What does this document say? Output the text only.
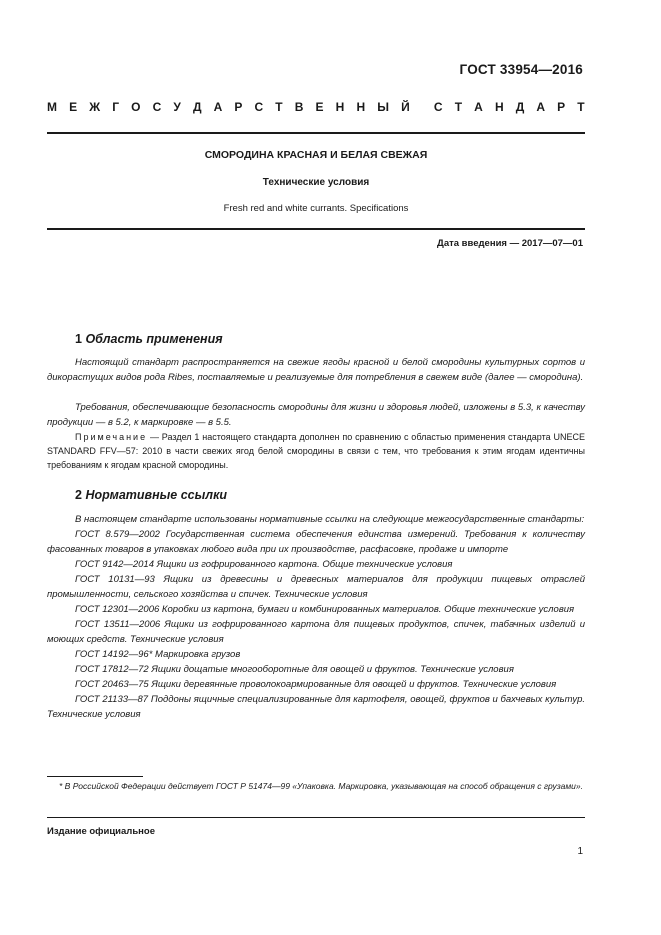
ГОСТ 33954—2016
М Е Ж Г О С У Д А Р С Т В Е Н Н Ы Й С Т А Н Д А Р Т
СМОРОДИНА КРАСНАЯ И БЕЛАЯ СВЕЖАЯ
Технические условия
Fresh red and white currants. Specifications
Дата введения — 2017—07—01
1 Область применения
Настоящий стандарт распространяется на свежие ягоды красной и белой смородины культурных сортов и дикорастущих видов рода Ribes, поставляемые и реализуемые для потребления в свежем виде (далее — смородина).
Требования, обеспечивающие безопасность смородины для жизни и здоровья людей, изложены в 5.3, к качеству продукции — в 5.2, к маркировке — в 5.5.
Примечание — Раздел 1 настоящего стандарта дополнен по сравнению с областью применения стандарта UNECE STANDARD FFV—57: 2010 в части свежих ягод белой смородины в связи с тем, что требования к этим ягодам идентичны требованиям к ягодам красной смородины.
2 Нормативные ссылки
В настоящем стандарте использованы нормативные ссылки на следующие межгосударственные стандарты:
ГОСТ 8.579—2002 Государственная система обеспечения единства измерений. Требования к количеству фасованных товаров в упаковках любого вида при их производстве, расфасовке, продаже и импорте
ГОСТ 9142—2014 Ящики из гофрированного картона. Общие технические условия
ГОСТ 10131—93 Ящики из древесины и древесных материалов для продукции пищевых отраслей промышленности, сельского хозяйства и спичек. Технические условия
ГОСТ 12301—2006 Коробки из картона, бумаги и комбинированных материалов. Общие технические условия
ГОСТ 13511—2006 Ящики из гофрированного картона для пищевых продуктов, спичек, табачных изделий и моющих средств. Технические условия
ГОСТ 14192—96* Маркировка грузов
ГОСТ 17812—72 Ящики дощатые многооборотные для овощей и фруктов. Технические условия
ГОСТ 20463—75 Ящики деревянные проволокоармированные для овощей и фруктов. Технические условия
ГОСТ 21133—87 Поддоны ящичные специализированные для картофеля, овощей, фруктов и бахчевых культур. Технические условия
* В Российской Федерации действует ГОСТ Р 51474—99 «Упаковка. Маркировка, указывающая на способ обращения с грузами».
Издание официальное
1
